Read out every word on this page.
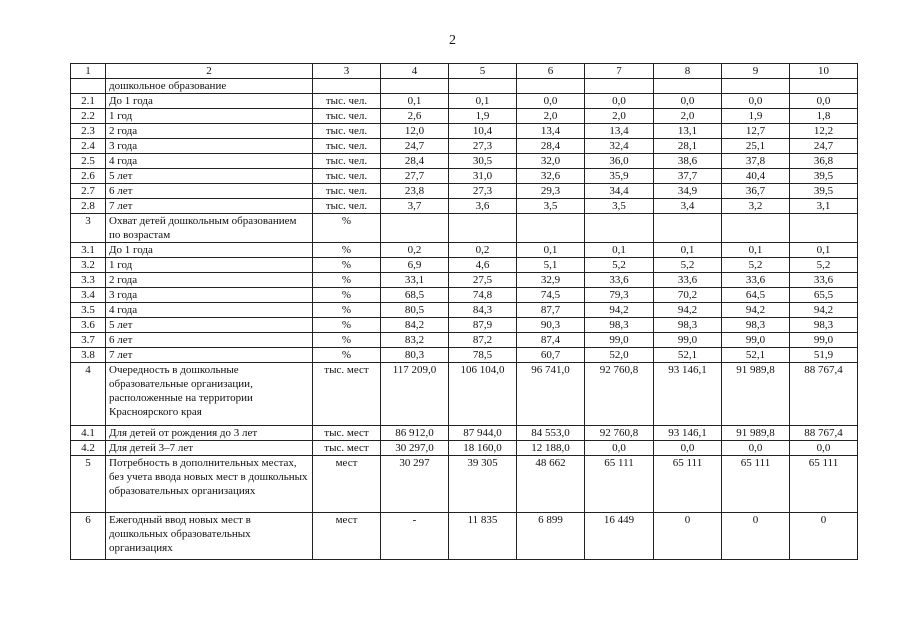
2
1	2	3	4	5	6	7	8	9	10
	дошкольное образование								
2.1	До 1 года	тыс. чел.	0,1	0,1	0,0	0,0	0,0	0,0	0,0
2.2	1 год	тыс. чел.	2,6	1,9	2,0	2,0	2,0	1,9	1,8
2.3	2 года	тыс. чел.	12,0	10,4	13,4	13,4	13,1	12,7	12,2
2.4	3 года	тыс. чел.	24,7	27,3	28,4	32,4	28,1	25,1	24,7
2.5	4 года	тыс. чел.	28,4	30,5	32,0	36,0	38,6	37,8	36,8
2.6	5 лет	тыс. чел.	27,7	31,0	32,6	35,9	37,7	40,4	39,5
2.7	6 лет	тыс. чел.	23,8	27,3	29,3	34,4	34,9	36,7	39,5
2.8	7 лет	тыс. чел.	3,7	3,6	3,5	3,5	3,4	3,2	3,1
3	Охват детей дошкольным образованием по возрастам	%							
3.1	До 1 года	%	0,2	0,2	0,1	0,1	0,1	0,1	0,1
3.2	1 год	%	6,9	4,6	5,1	5,2	5,2	5,2	5,2
3.3	2 года	%	33,1	27,5	32,9	33,6	33,6	33,6	33,6
3.4	3 года	%	68,5	74,8	74,5	79,3	70,2	64,5	65,5
3.5	4 года	%	80,5	84,3	87,7	94,2	94,2	94,2	94,2
3.6	5 лет	%	84,2	87,9	90,3	98,3	98,3	98,3	98,3
3.7	6 лет	%	83,2	87,2	87,4	99,0	99,0	99,0	99,0
3.8	7 лет	%	80,3	78,5	60,7	52,0	52,1	52,1	51,9
4	Очередность в дошкольные образовательные организации, расположенные на территории Красноярского края	тыс. мест	117 209,0	106 104,0	96 741,0	92 760,8	93 146,1	91 989,8	88 767,4
4.1	Для детей от рождения до 3 лет	тыс. мест	86 912,0	87 944,0	84 553,0	92 760,8	93 146,1	91 989,8	88 767,4
4.2	Для детей 3–7 лет	тыс. мест	30 297,0	18 160,0	12 188,0	0,0	0,0	0,0	0,0
5	Потребность в дополнительных местах, без учета ввода новых мест в дошкольных образовательных организациях	мест	30 297	39 305	48 662	65 111	65 111	65 111	65 111
6	Ежегодный ввод новых мест в дошкольных образовательных организациях	мест	-	11 835	6 899	16 449	0	0	0
